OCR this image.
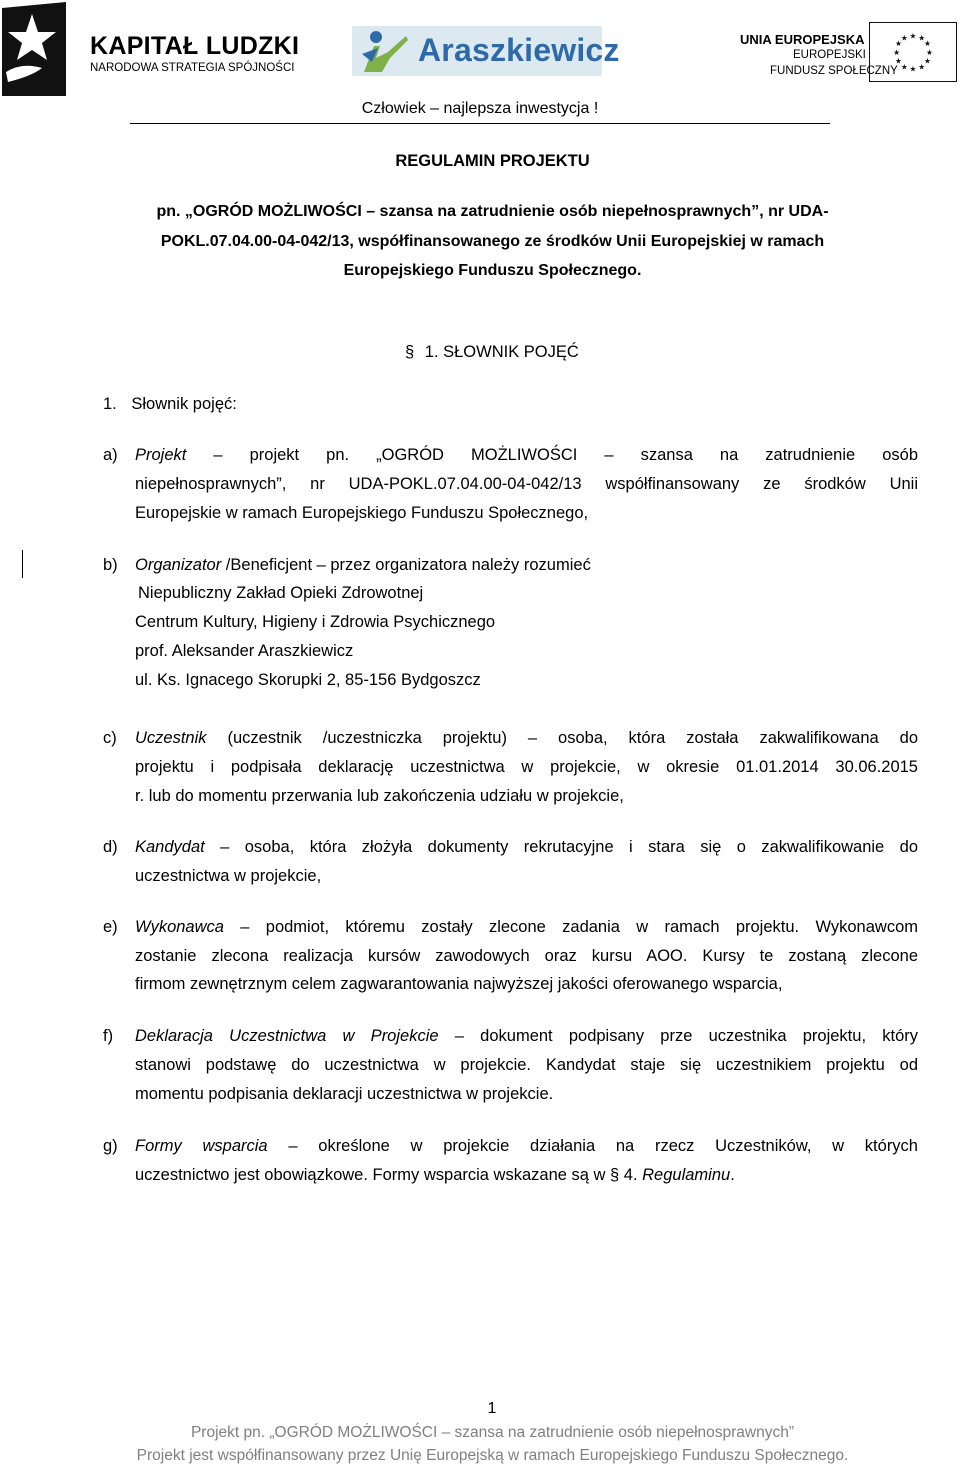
KAPITAŁ LUDZKI
NARODOWA STRATEGIA SPÓJNOŚCI	Araszkiewicz	UNIA EUROPEJSKA
EUROPEJSKI
FUNDUSZ SPOŁECZNY
★ ★
★
★
★
★
★
★
★
★
★
★
Człowiek – najlepsza inwestycja !
REGULAMIN PROJEKTU
pn. „OGRÓD MOŻLIWOŚCI – szansa na zatrudnienie osób niepełnosprawnych”, nr UDA-
POKL.07.04.00-04-042/13, współfinansowanego ze środków Unii Europejskiej w ramach
Europejskiego Funduszu Społecznego.
§ 1. SŁOWNIK POJĘĆ
1. Słownik pojęć:
a) Projekt – projekt pn. „OGRÓD MOŻLIWOŚCI – szansa na zatrudnienie osób
niepełnosprawnych”, nr UDA-POKL.07.04.00-04-042/13 współfinansowany ze środków Unii
Europejskie w ramach Europejskiego Funduszu Społecznego,
b) Organizator /Beneficjent – przez organizatora należy rozumieć
Niepubliczny Zakład Opieki Zdrowotnej
Centrum Kultury, Higieny i Zdrowia Psychicznego
prof. Aleksander Araszkiewicz
ul. Ks. Ignacego Skorupki 2, 85-156 Bydgoszcz
c) Uczestnik (uczestnik /uczestniczka projektu) – osoba, która została zakwalifikowana do
projektu i podpisała deklarację uczestnictwa w projekcie, w okresie 01.01.2014 30.06.2015
r. lub do momentu przerwania lub zakończenia udziału w projekcie,
d) Kandydat – osoba, która złożyła dokumenty rekrutacyjne i stara się o zakwalifikowanie do
uczestnictwa w projekcie,
e) Wykonawca – podmiot, któremu zostały zlecone zadania w ramach projektu. Wykonawcom
zostanie zlecona realizacja kursów zawodowych oraz kursu AOO. Kursy te zostaną zlecone
firmom zewnętrznym celem zagwarantowania najwyższej jakości oferowanego wsparcia,
f) Deklaracja Uczestnictwa w Projekcie – dokument podpisany prze uczestnika projektu, który
stanowi podstawę do uczestnictwa w projekcie. Kandydat staje się uczestnikiem projektu od
momentu podpisania deklaracji uczestnictwa w projekcie.
g) Formy wsparcia – określone w projekcie działania na rzecz Uczestników, w których
uczestnictwo jest obowiązkowe. Formy wsparcia wskazane są w § 4. Regulaminu.
1
Projekt pn. „OGRÓD MOŻLIWOŚCI – szansa na zatrudnienie osób niepełnosprawnych”
Projekt jest współfinansowany przez Unię Europejską w ramach Europejskiego Funduszu Społecznego.
